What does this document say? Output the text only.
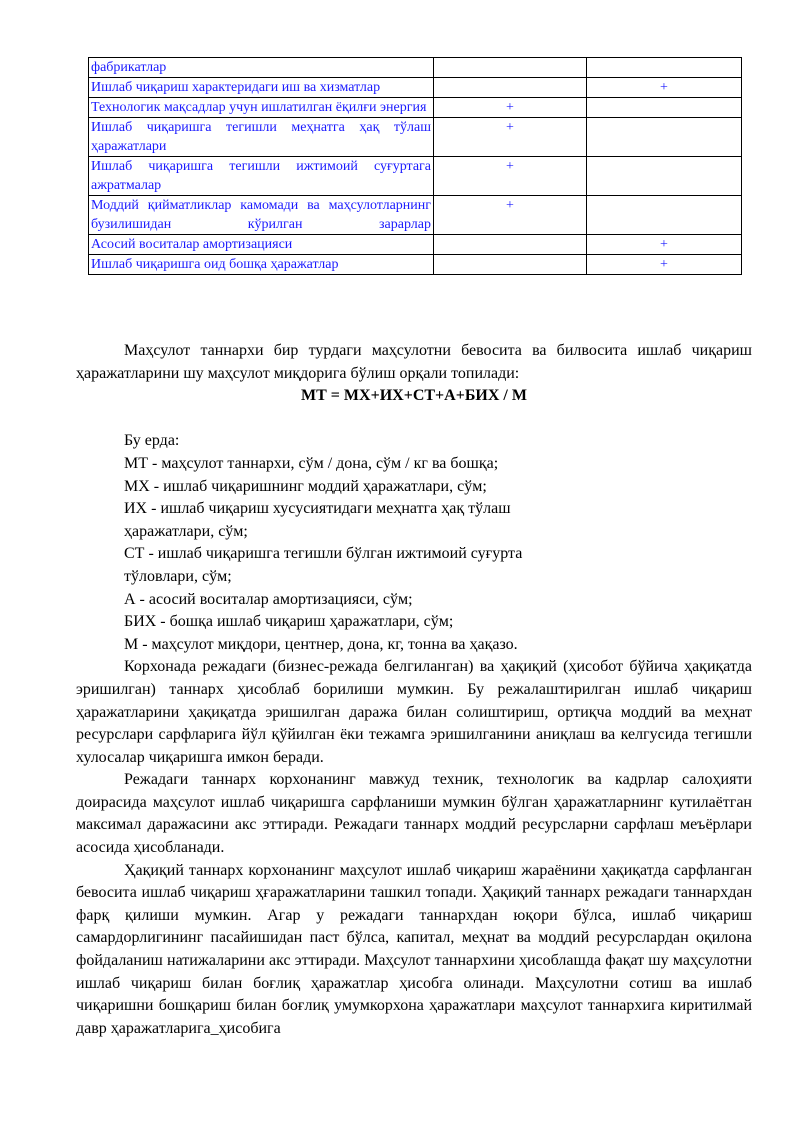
фабрикатлар		
Ишлаб чиқариш характеридаги иш ва хизматлар		+
Технологик мақсадлар учун ишлатилган ёқилғи энергия	+	
Ишлаб чиқаришга тегишли меҳнатга ҳақ тўлаш ҳаражатлари	+	
Ишлаб чиқаришга тегишли ижтимоий суғуртага ажратмалар	+	
Моддий қийматликлар камомади ва маҳсулотларнинг бузилишидан кўрилган зарарлар	+	
Асосий воситалар амортизацияси		+
Ишлаб чиқаришга оид бошқа ҳаражатлар		+

Маҳсулот таннархи бир турдаги маҳсулотни бевосита ва билвосита ишлаб чиқариш ҳаражатларини шу маҳсулот миқдорига бўлиш орқали топилади:

МТ = МХ+ИХ+СТ+А+БИХ / М

Бу ерда:

МТ - маҳсулот таннархи, сўм / дона, сўм / кг ва бошқа;

МХ - ишлаб чиқаришнинг моддий ҳаражатлари, сўм;

ИХ - ишлаб чиқариш хусусиятидаги меҳнатга ҳақ тўлаш

ҳаражатлари, сўм;

СТ - ишлаб чиқаришга тегишли бўлган ижтимоий суғурта

тўловлари, сўм;

А - асосий воситалар амортизацияси, сўм;

БИХ - бошқа ишлаб чиқариш ҳаражатлари, сўм;

М - маҳсулот миқдори, центнер, дона, кг, тонна ва ҳақазо.

Корхонада режадаги (бизнес-режада белгиланган) ва ҳақиқий (ҳисобот бўйича ҳақиқатда эришилган) таннарх ҳисоблаб борилиши мумкин. Бу режалаштирилган ишлаб чиқариш ҳаражатларини ҳақиқатда эришилган даража билан солиштириш, ортиқча моддий ва меҳнат ресурслари сарфларига йўл қўйилган ёки тежамга эришилганини аниқлаш ва келгусида тегишли хулосалар чиқаришга имкон беради.

Режадаги таннарх корхонанинг мавжуд техник, технологик ва кадрлар салоҳияти доирасида маҳсулот ишлаб чиқаришга сарфланиши мумкин бўлган ҳаражатларнинг кутилаётган максимал даражасини акс эттиради. Режадаги таннарх моддий ресурсларни сарфлаш меъёрлари асосида ҳисобланади.

Ҳақиқий таннарх корхонанинг маҳсулот ишлаб чиқариш жараёнини ҳақиқатда сарфланган бевосита ишлаб чиқариш ҳғаражатларини ташкил топади. Ҳақиқий таннарх режадаги таннархдан фарқ қилиши мумкин. Агар у режадаги таннархдан юқори бўлса, ишлаб чиқариш самардорлигининг пасайишидан паст бўлса, капитал, меҳнат ва моддий ресурслардан оқилона фойдаланиш натижаларини акс эттиради. Маҳсулот таннархини ҳисоблашда фақат шу маҳсулотни ишлаб чиқариш билан боғлиқ ҳаражатлар ҳисобга олинади. Маҳсулотни сотиш ва ишлаб чиқаришни бошқариш билан боғлиқ умумкорхона ҳаражатлари маҳсулот таннархига киритилмай давр ҳаражатларига_ҳисобига
